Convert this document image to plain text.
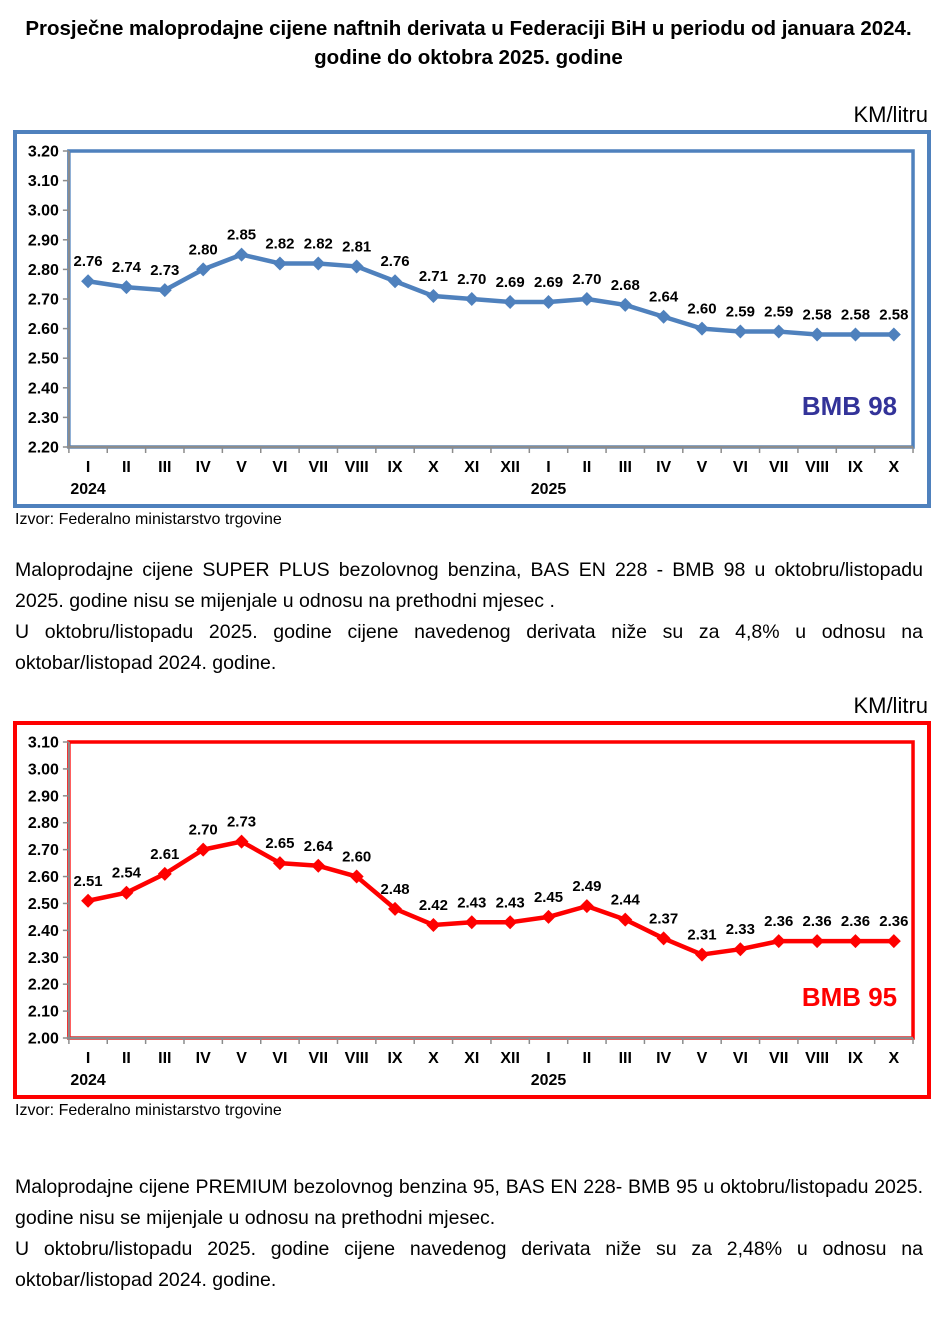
Prosječne maloprodajne cijene naftnih derivata u Federaciji BiH u periodu od januara 2024. godine do oktobra 2025. godine
KM/litru
3.20
3.10
3.00
2.90
2.80
2.70
2.60
2.50
2.40
2.30
2.20
I II III IV V VI VII VIII IX X XI XII I II III IV V VI VII VIII IX X
2024	2025
2.76 2.74 2.73
2.80
2.85
2.82 2.82 2.81
2.76
2.71 2.70 2.69 2.69 2.70 2.68
2.64
2.60 2.59 2.59 2.58 2.58 2.58
BMB 98
Izvor: Federalno ministarstvo trgovine

Maloprodajne cijene SUPER PLUS bezolovnog benzina, BAS EN 228 - BMB 98 u oktobru/listopadu 2025. godine nisu se mijenjale u odnosu na prethodni mjesec .

U oktobru/listopadu 2025. godine cijene navedenog derivata niže su za 4,8% u odnosu na oktobar/listopad 2024. godine.

KM/litru
3.10
3.00
2.90
2.80
2.70
2.60
2.50
2.40
2.30
2.20
2.10
2.00
I II III IV V VI VII VIII IX X XI XII I II III IV V VI VII VIII IX X
2024	2025
2.51 2.54
2.61
2.70 2.73
2.65 2.64
2.60
2.48
2.42 2.43 2.43 2.45
2.49
2.44
2.37
2.31 2.33 2.36 2.36 2.36 2.36
BMB 95
Izvor: Federalno ministarstvo trgovine

Maloprodajne cijene PREMIUM bezolovnog benzina 95, BAS EN 228- BMB 95 u oktobru/listopadu 2025. godine nisu se mijenjale u odnosu na prethodni mjesec.

U oktobru/listopadu 2025. godine cijene navedenog derivata niže su za 2,48% u odnosu na oktobar/listopad 2024. godine.
